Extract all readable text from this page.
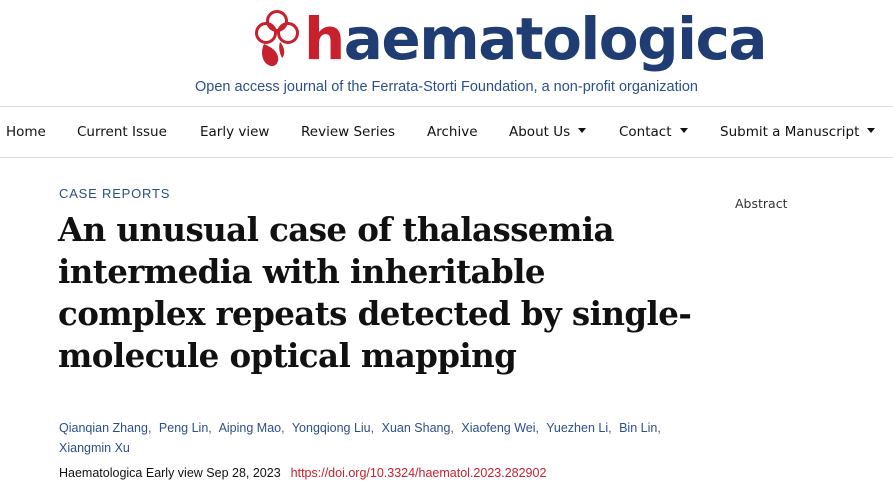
haematologica
Open access journal of the Ferrata-Storti Foundation, a non-profit organization
Home Current Issue Early view Review Series Archive About Us	Contact	Submit a Manuscript
CASE REPORTS
An unusual case of thalassemia intermedia with inheritable complex repeats detected by single-molecule optical mapping
Qianqian Zhang, Peng Lin, Aiping Mao, Yongqiong Liu, Xuan Shang, Xiaofeng Wei, Yuezhen Li, Bin Lin, Xiangmin Xu
Haematologica Early view Sep 28, 2023 https://doi.org/10.3324/haematol.2023.282902
Abstract
